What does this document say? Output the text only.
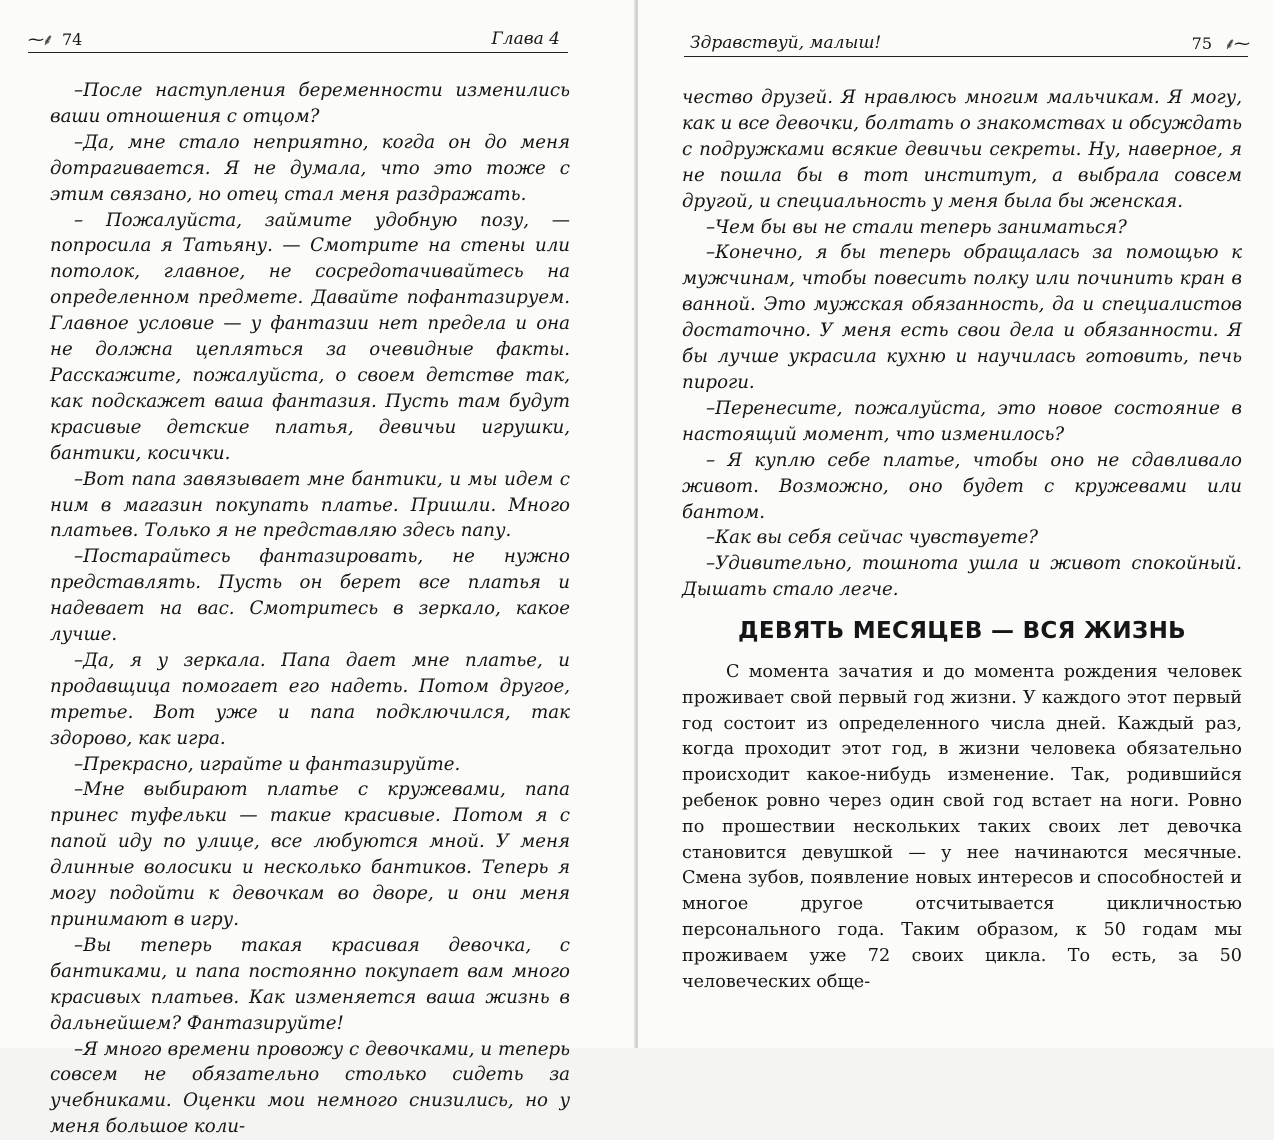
⁓⸙ 74	Глава 4

–После наступления беременности изменились ваши отношения с отцом?

–Да, мне стало неприятно, когда он до меня дотрагивается. Я не думала, что это тоже с этим связано, но отец стал меня раздражать.

– Пожалуйста, займите удобную позу, — попросила я Татьяну. — Смотрите на стены или потолок, главное, не сосредотачивайтесь на определенном предмете. Давайте пофантазируем. Главное условие — у фантазии нет предела и она не должна цепляться за очевидные факты. Расскажите, пожалуйста, о своем детстве так, как подскажет ваша фантазия. Пусть там будут красивые детские платья, девичьи игрушки, бантики, косички.

–Вот папа завязывает мне бантики, и мы идем с ним в магазин покупать платье. Пришли. Много платьев. Только я не представляю здесь папу.

–Постарайтесь фантазировать, не нужно представлять. Пусть он берет все платья и надевает на вас. Смотритесь в зеркало, какое лучше.

–Да, я у зеркала. Папа дает мне платье, и продавщица помогает его надеть. Потом другое, третье. Вот уже и папа подключился, так здорово, как игра.

–Прекрасно, играйте и фантазируйте.

–Мне выбирают платье с кружевами, папа принес туфельки — такие красивые. Потом я с папой иду по улице, все любуются мной. У меня длинные волосики и несколько бантиков. Теперь я могу подойти к девочкам во дворе, и они меня принимают в игру.

–Вы теперь такая красивая девочка, с бантиками, и папа постоянно покупает вам много красивых платьев. Как изменяется ваша жизнь в дальнейшем? Фантазируйте!

–Я много времени провожу с девочками, и теперь совсем не обязательно столько сидеть за учебниками. Оценки мои немного снизились, но у меня большое коли-

Здравствуй, малыш!	75 ⸙⁓

чество друзей. Я нравлюсь многим мальчикам. Я могу, как и все девочки, болтать о знакомствах и обсуждать с подружками всякие девичьи секреты. Ну, наверное, я не пошла бы в тот институт, а выбрала совсем другой, и специальность у меня была бы женская.

–Чем бы вы не стали теперь заниматься?

–Конечно, я бы теперь обращалась за помощью к мужчинам, чтобы повесить полку или починить кран в ванной. Это мужская обязанность, да и специалистов достаточно. У меня есть свои дела и обязанности. Я бы лучше украсила кухню и научилась готовить, печь пироги.

–Перенесите, пожалуйста, это новое состояние в настоящий момент, что изменилось?

– Я куплю себе платье, чтобы оно не сдавливало живот. Возможно, оно будет с кружевами или бантом.

–Как вы себя сейчас чувствуете?

–Удивительно, тошнота ушла и живот спокойный. Дышать стало легче.

ДЕВЯТЬ МЕСЯЦЕВ — ВСЯ ЖИЗНЬ

С момента зачатия и до момента рождения человек проживает свой первый год жизни. У каждого этот первый год состоит из определенного числа дней. Каждый раз, когда проходит этот год, в жизни человека обязательно происходит какое-нибудь изменение. Так, родившийся ребенок ровно через один свой год встает на ноги. Ровно по прошествии нескольких таких своих лет девочка становится девушкой — у нее начинаются месячные. Смена зубов, появление новых интересов и способностей и многое другое отсчитывается цикличностью персонального года. Таким образом, к 50 годам мы проживаем уже 72 своих цикла. То есть, за 50 человеческих обще-
